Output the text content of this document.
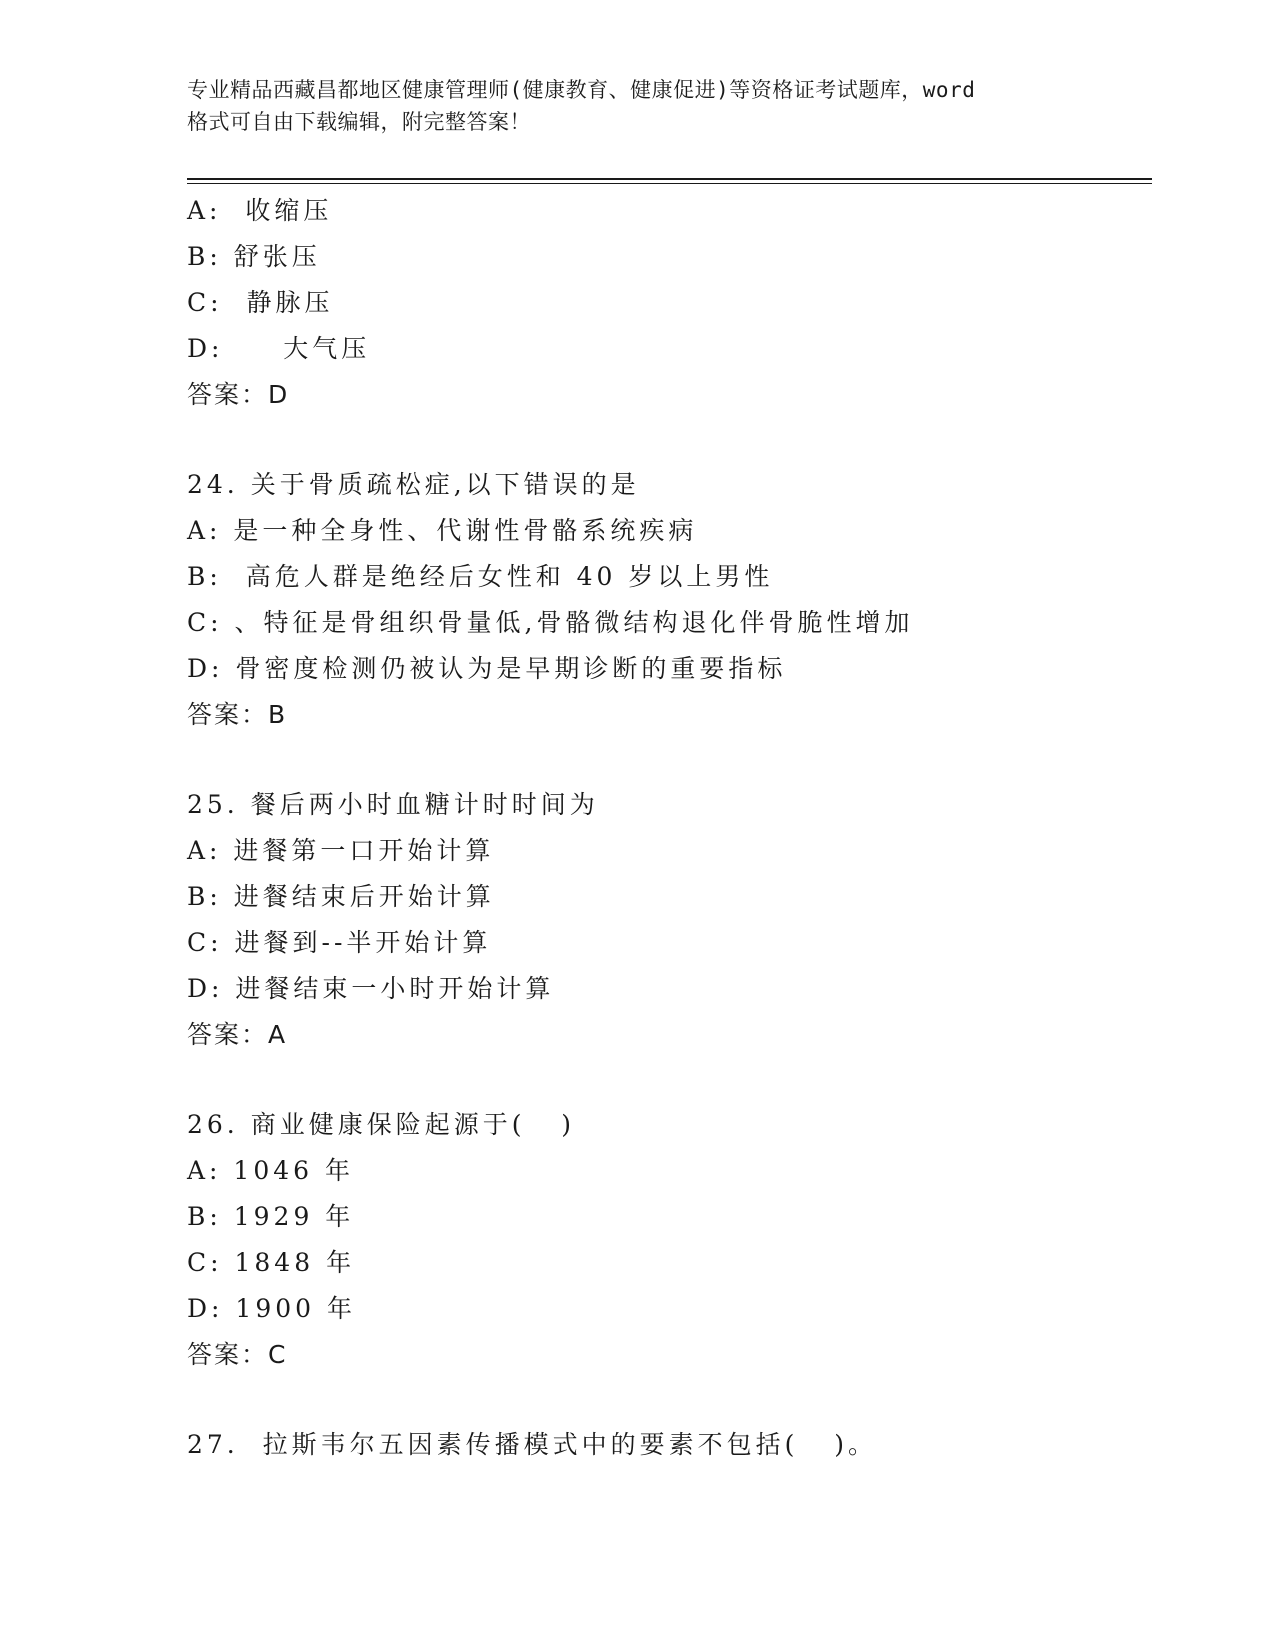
专业精品西藏昌都地区健康管理师(健康教育、健康促进)等资格证考试题库，word
格式可自由下载编辑，附完整答案！
A:  收缩压
B: 舒张压
C:  静脉压
D:     大气压
答案：D
24. 关于骨质疏松症,以下错误的是
A: 是一种全身性、代谢性骨骼系统疾病
B:  高危人群是绝经后女性和 40 岁以上男性
C: 、特征是骨组织骨量低,骨骼微结构退化伴骨脆性增加
D: 骨密度检测仍被认为是早期诊断的重要指标
答案：B
25. 餐后两小时血糖计时时间为
A: 进餐第一口开始计算
B: 进餐结束后开始计算
C: 进餐到--半开始计算
D: 进餐结束一小时开始计算
答案：A
26. 商业健康保险起源于(   )
A: 1046 年
B: 1929 年
C: 1848 年
D: 1900 年
答案：C
27.  拉斯韦尔五因素传播模式中的要素不包括(   )。
